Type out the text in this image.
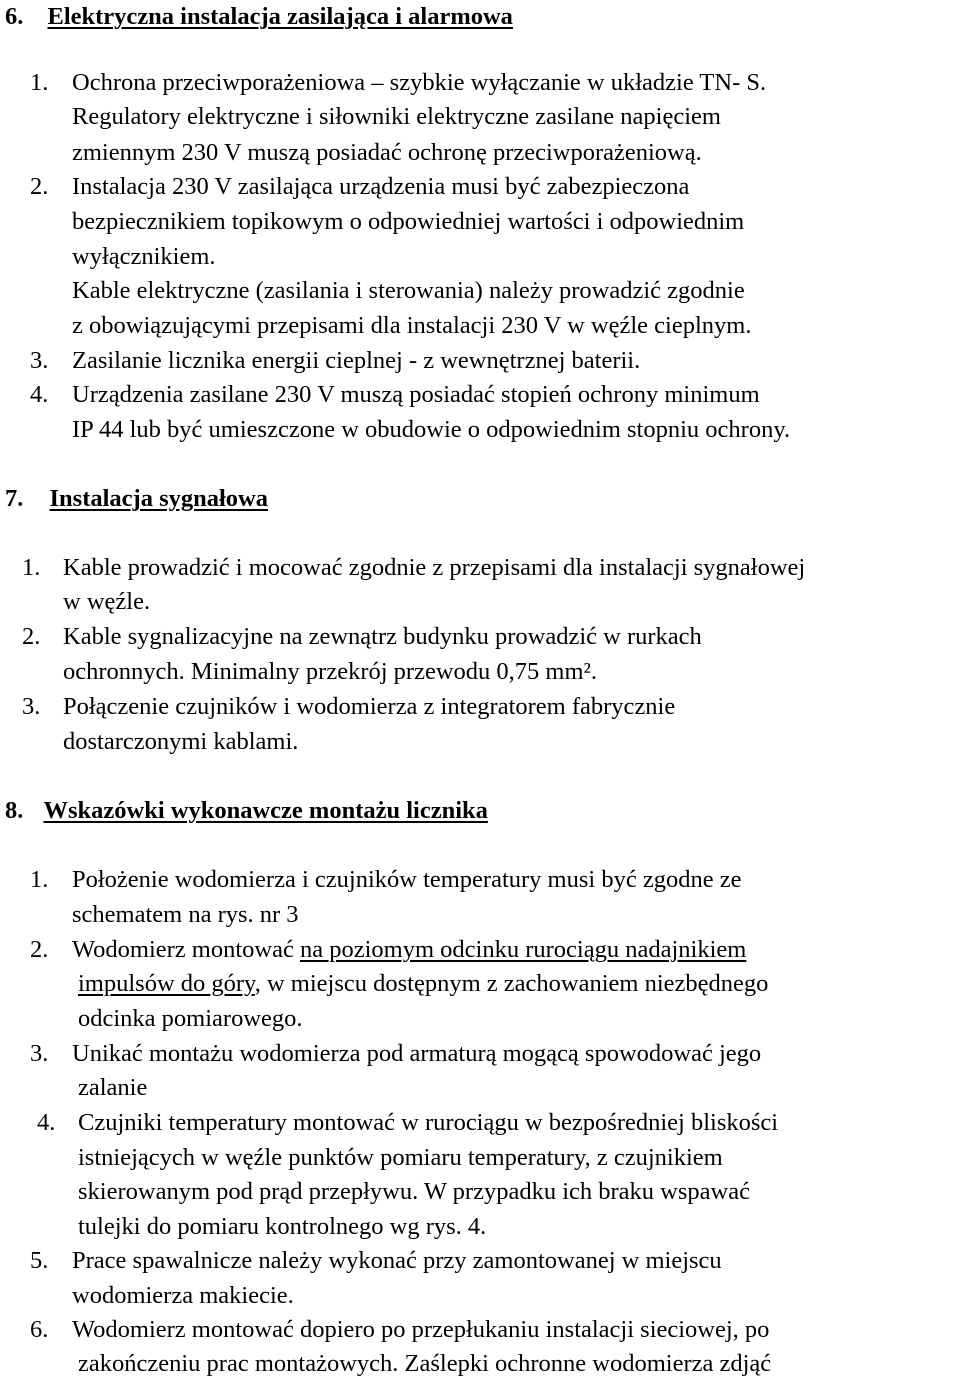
6. Elektryczna instalacja zasilająca i alarmowa
1. Ochrona przeciwporażeniowa – szybkie wyłączanie w układzie TN- S.
Regulatory elektryczne i siłowniki elektryczne zasilane napięciem
zmiennym 230 V muszą posiadać ochronę przeciwporażeniową.
2. Instalacja 230 V zasilająca urządzenia musi być zabezpieczona
bezpiecznikiem topikowym o odpowiedniej wartości i odpowiednim
wyłącznikiem.
Kable elektryczne (zasilania i sterowania) należy prowadzić zgodnie
z obowiązującymi przepisami dla instalacji 230 V w węźle cieplnym.
3. Zasilanie licznika energii cieplnej - z wewnętrznej baterii.
4. Urządzenia zasilane 230 V muszą posiadać stopień ochrony minimum
IP 44 lub być umieszczone w obudowie o odpowiednim stopniu ochrony.
7. Instalacja sygnałowa
1. Kable prowadzić i mocować zgodnie z przepisami dla instalacji sygnałowej
w węźle.
2. Kable sygnalizacyjne na zewnątrz budynku prowadzić w rurkach
ochronnych. Minimalny przekrój przewodu 0,75 mm².
3. Połączenie czujników i wodomierza z integratorem fabrycznie
dostarczonymi kablami.
8. Wskazówki wykonawcze montażu licznika
1. Położenie wodomierza i czujników temperatury musi być zgodne ze
schematem na rys. nr 3
2. Wodomierz montować na poziomym odcinku rurociągu nadajnikiem
impulsów do góry, w miejscu dostępnym z zachowaniem niezbędnego
odcinka pomiarowego.
3. Unikać montażu wodomierza pod armaturą mogącą spowodować jego
zalanie
4. Czujniki temperatury montować w rurociągu w bezpośredniej bliskości
istniejących w węźle punktów pomiaru temperatury, z czujnikiem
skierowanym pod prąd przepływu. W przypadku ich braku wspawać
tulejki do pomiaru kontrolnego wg rys. 4.
5. Prace spawalnicze należy wykonać przy zamontowanej w miejscu
wodomierza makiecie.
6. Wodomierz montować dopiero po przepłukaniu instalacji sieciowej, po
zakończeniu prac montażowych. Zaślepki ochronne wodomierza zdjąć
